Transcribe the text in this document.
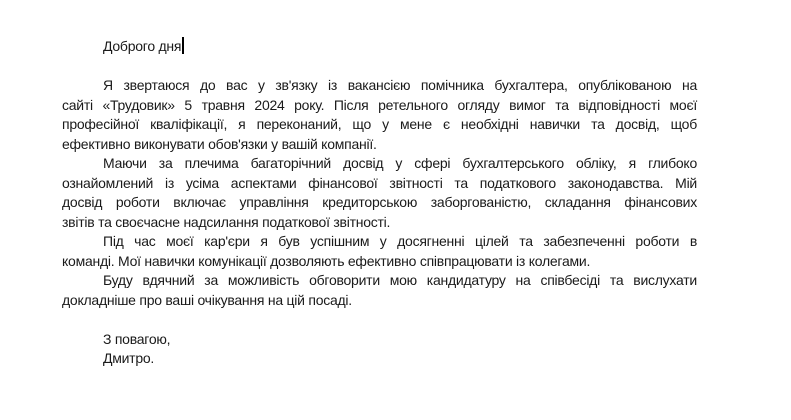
Доброго дня
Я звертаюся до вас у зв'язку із вакансією помічника бухгалтера, опублікованою на
сайті «Трудовик» 5 травня 2024 року. Після ретельного огляду вимог та відповідності моєї
професійної кваліфікації, я переконаний, що у мене є необхідні навички та досвід, щоб
ефективно виконувати обов'язки у вашій компанії.
Маючи за плечима багаторічний досвід у сфері бухгалтерського обліку, я глибоко
ознайомлений із усіма аспектами фінансової звітності та податкового законодавства. Мій
досвід роботи включає управління кредиторською заборгованістю, складання фінансових
звітів та своєчасне надсилання податкової звітності.
Під час моєї кар'єри я був успішним у досягненні цілей та забезпеченні роботи в
команді. Мої навички комунікації дозволяють ефективно співпрацювати із колегами.
Буду вдячний за можливість обговорити мою кандидатуру на співбесіді та вислухати
докладніше про ваші очікування на цій посаді.
З повагою,
Дмитро.
